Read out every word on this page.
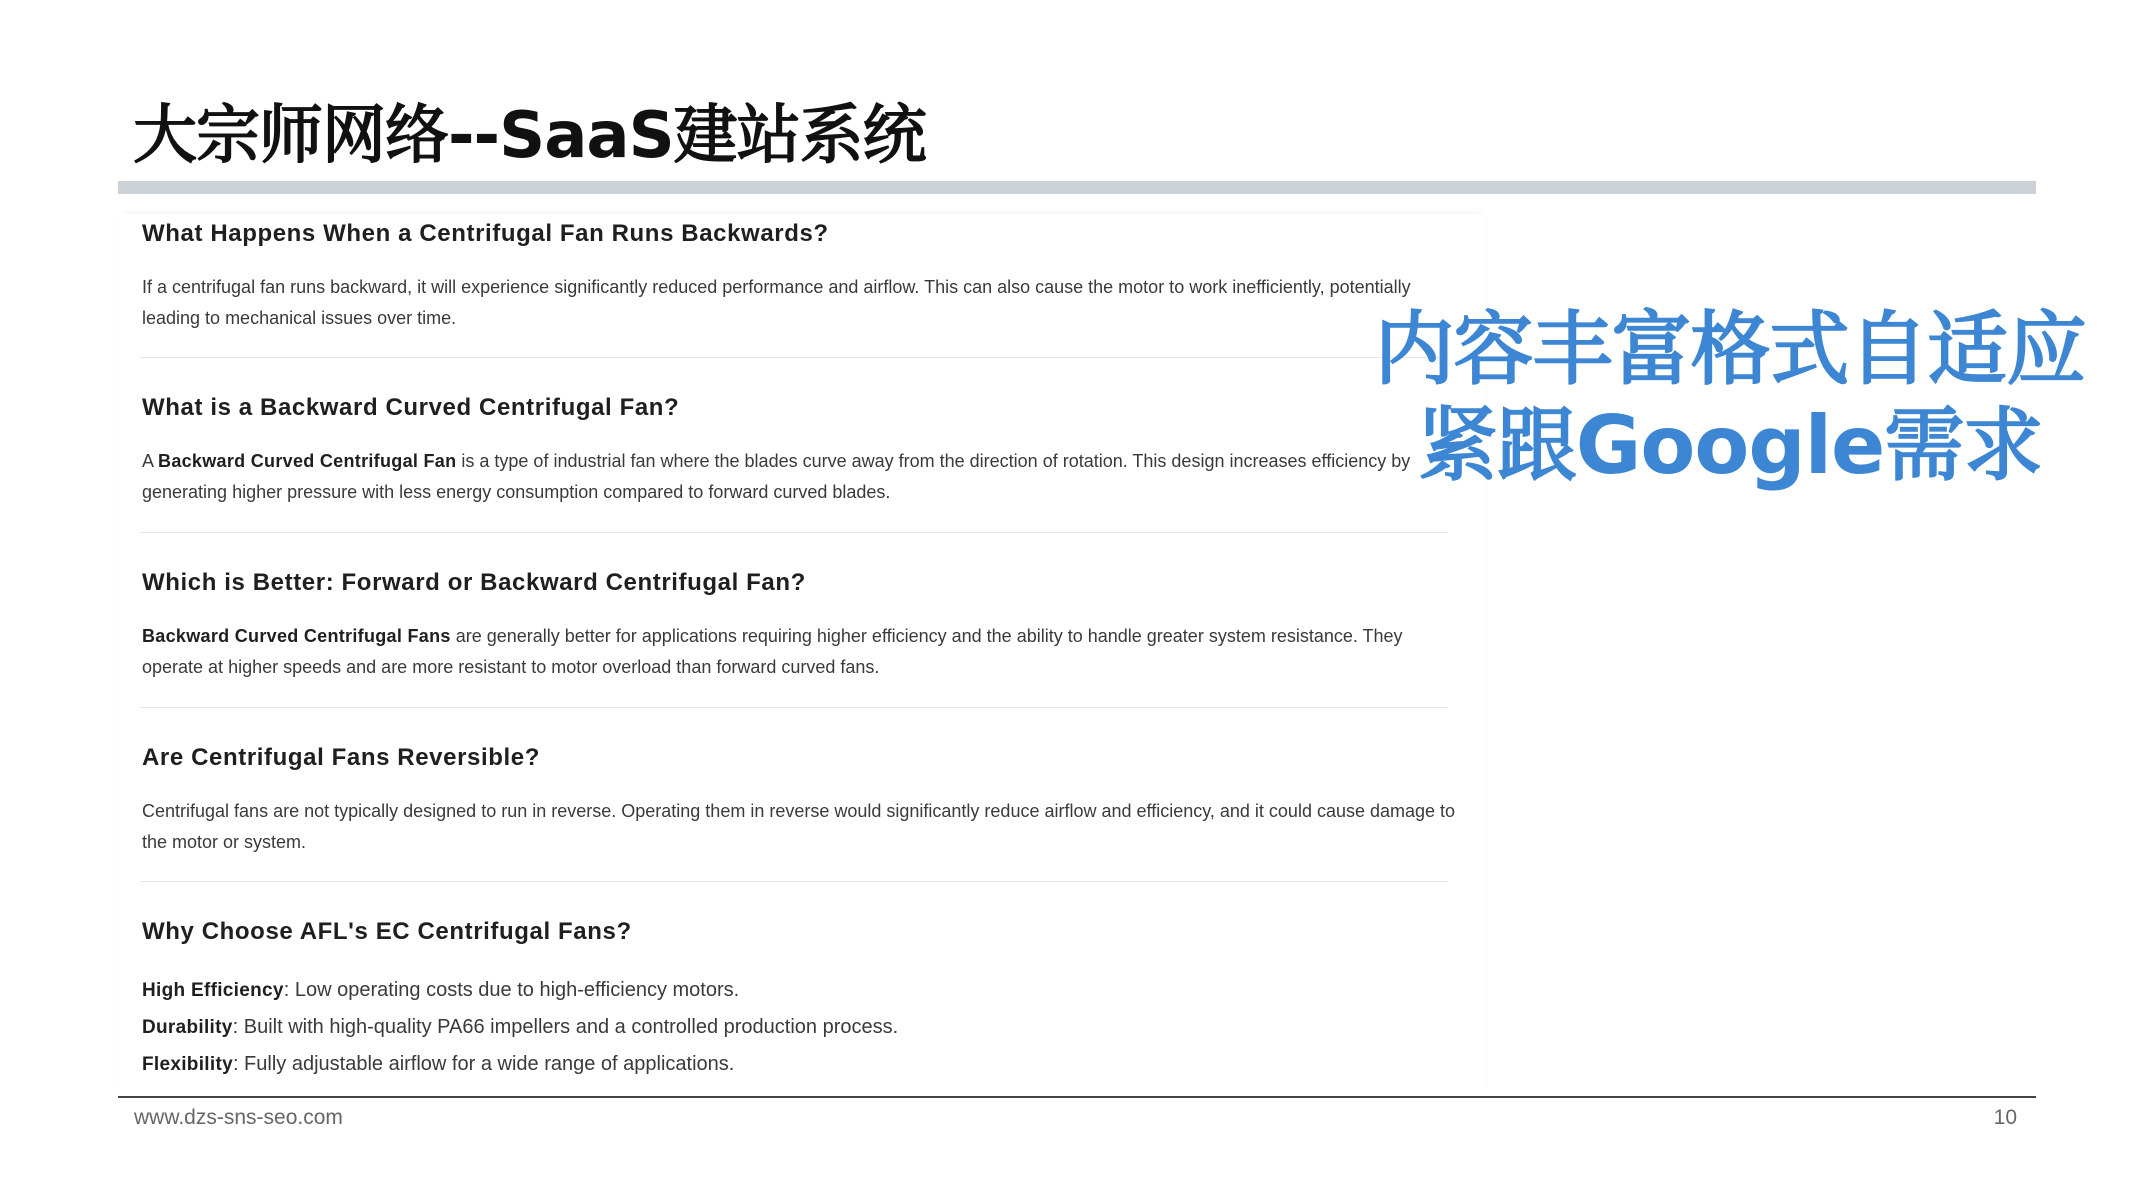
大宗师网络--SaaS建站系统
What Happens When a Centrifugal Fan Runs Backwards?

If a centrifugal fan runs backward, it will experience significantly reduced performance and airflow. This can also cause the motor to work inefficiently, potentially leading to mechanical issues over time.

What is a Backward Curved Centrifugal Fan?

A Backward Curved Centrifugal Fan is a type of industrial fan where the blades curve away from the direction of rotation. This design increases efficiency by generating higher pressure with less energy consumption compared to forward curved blades.

Which is Better: Forward or Backward Centrifugal Fan?

Backward Curved Centrifugal Fans are generally better for applications requiring higher efficiency and the ability to handle greater system resistance. They operate at higher speeds and are more resistant to motor overload than forward curved fans.

Are Centrifugal Fans Reversible?

Centrifugal fans are not typically designed to run in reverse. Operating them in reverse would significantly reduce airflow and efficiency, and it could cause damage to the motor or system.

Why Choose AFL's EC Centrifugal Fans?
High Efficiency: Low operating costs due to high-efficiency motors.
Durability: Built with high-quality PA66 impellers and a controlled production process.
Flexibility: Fully adjustable airflow for a wide range of applications.
内容丰富格式自适应
紧跟Google需求
www.dzs-sns-seo.com	10
